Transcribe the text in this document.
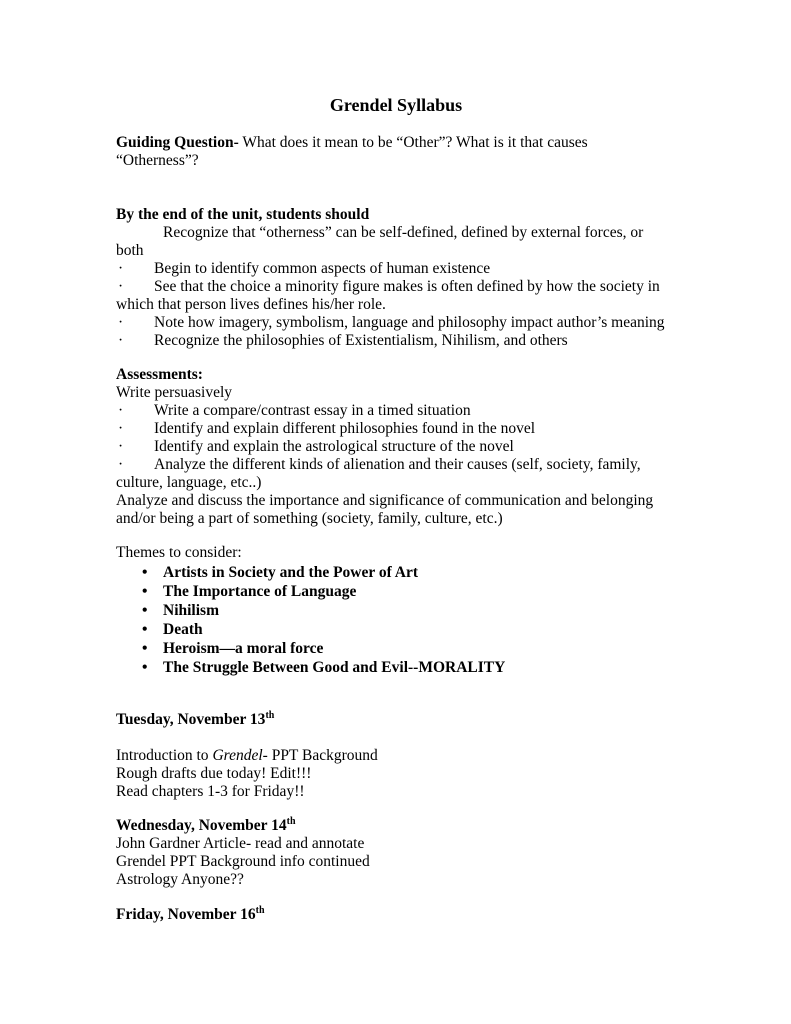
Grendel Syllabus
Guiding Question- What does it mean to be “Other”? What is it that causes
“Otherness”?
By the end of the unit, students should
Recognize that “otherness” can be self-defined, defined by external forces, or
both
· Begin to identify common aspects of human existence
· See that the choice a minority figure makes is often defined by how the society in
which that person lives defines his/her role.
· Note how imagery, symbolism, language and philosophy impact author’s meaning
· Recognize the philosophies of Existentialism, Nihilism, and others
Assessments:
Write persuasively
· Write a compare/contrast essay in a timed situation
· Identify and explain different philosophies found in the novel
· Identify and explain the astrological structure of the novel
· Analyze the different kinds of alienation and their causes (self, society, family,
culture, language, etc..)
Analyze and discuss the importance and significance of communication and belonging
and/or being a part of something (society, family, culture, etc.)
Themes to consider:
• Artists in Society and the Power of Art
• The Importance of Language
• Nihilism
• Death
• Heroism—a moral force
• The Struggle Between Good and Evil--MORALITY
Tuesday, November 13th
Introduction to Grendel- PPT Background
Rough drafts due today! Edit!!!
Read chapters 1-3 for Friday!!
Wednesday, November 14th
John Gardner Article- read and annotate
Grendel PPT Background info continued
Astrology Anyone??
Friday, November 16th
